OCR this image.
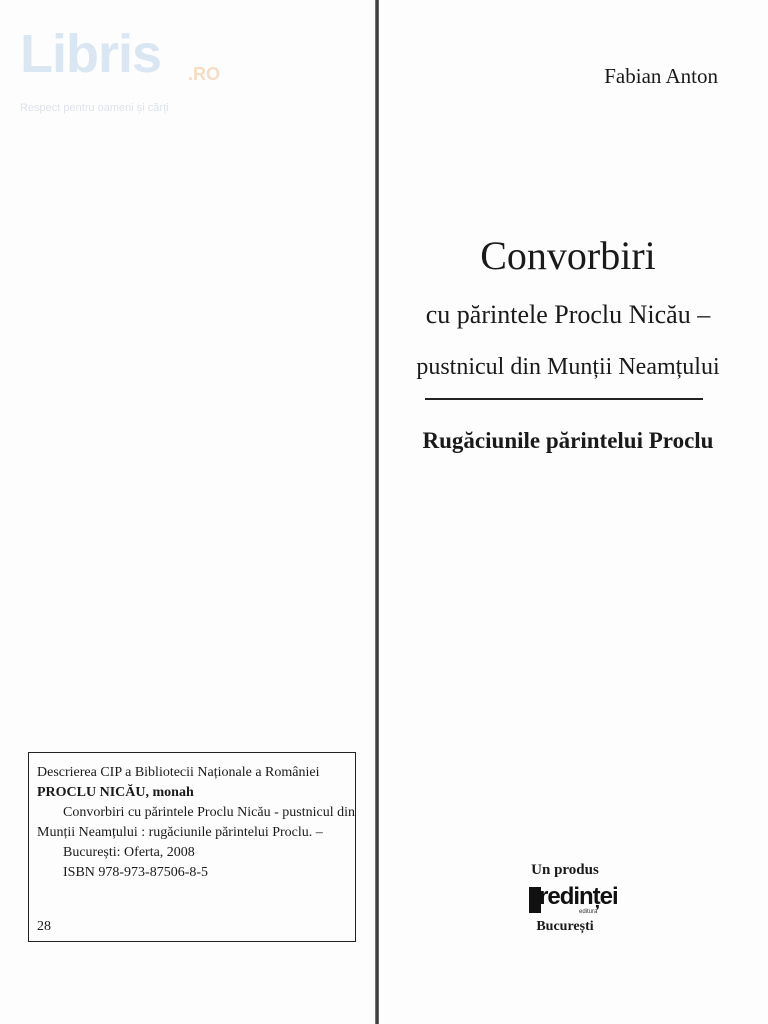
Libris	.RO
Respect pentru oameni și cărți
Descrierea CIP a Bibliotecii Naționale a României
PROCLU NICĂU, monah
Convorbiri cu părintele Proclu Nicău - pustnicul din
Munții Neamțului : rugăciunile părintelui Proclu. –
București: Oferta, 2008
ISBN 978-973-87506-8-5
28
Fabian Anton
Convorbiri
cu părintele Proclu Nicău –
pustnicul din Munții Neamțului
Rugăciunile părintelui Proclu
Un produs
redinței
editura
București
